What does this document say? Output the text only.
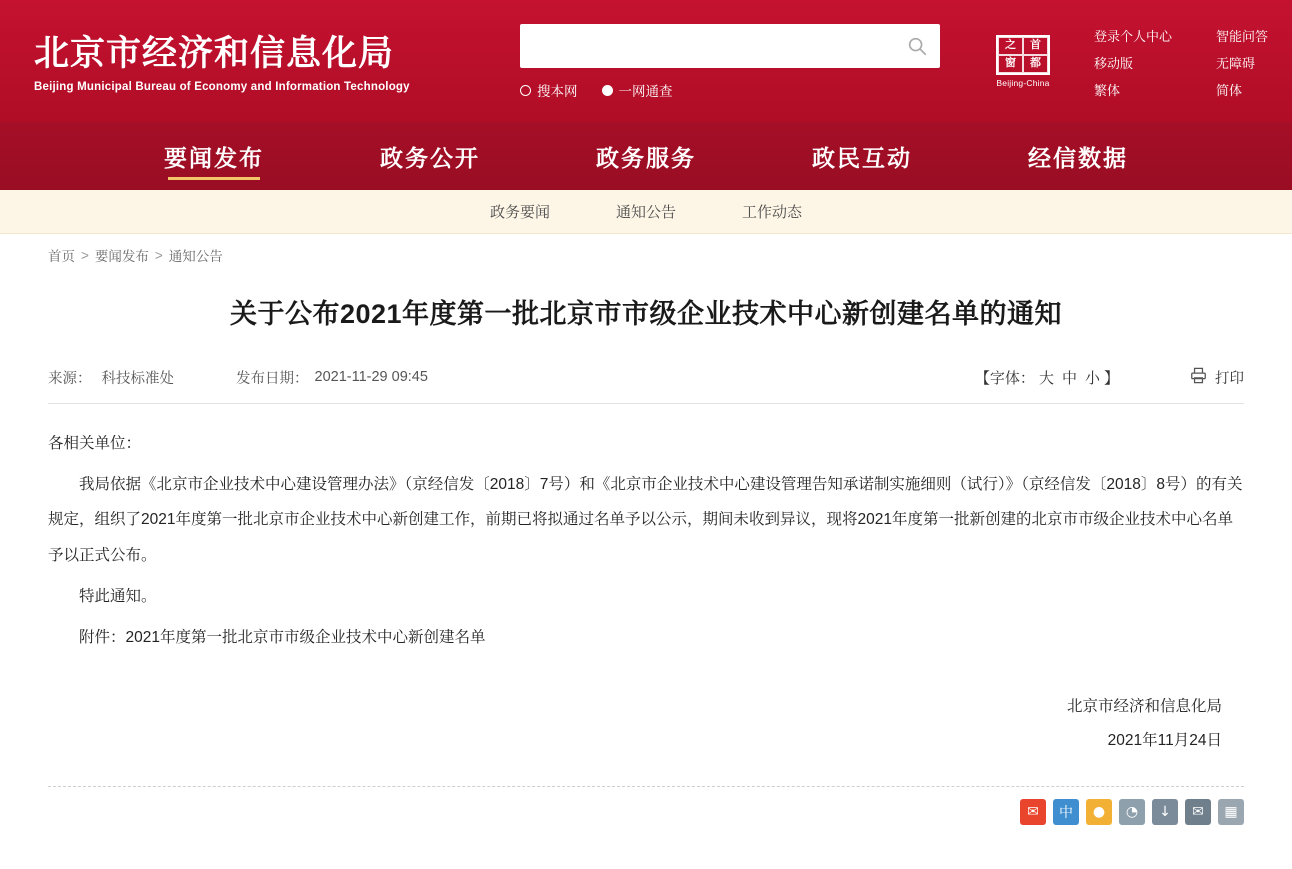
北京市经济和信息化局
Beijing Municipal Bureau of Economy and Information Technology	搜本网	一网通查
之	首
窗	都
Beijing-China
登录个人中心
移动版
繁体
智能问答
无障碍
简体
要闻发布	政务公开	政务服务	政民互动	经信数据
政务要闻	通知公告	工作动态
首页 > 要闻发布 > 通知公告
关于公布2021年度第一批北京市市级企业技术中心新创建名单的通知
来源： 科技标准处	发布日期： 2021-11-29 09:45	【字体： 大 中 小 】	打印

各相关单位：

我局依据《北京市企业技术中心建设管理办法》（京经信发〔2018〕7号）和《北京市企业技术中心建设管理告知承诺制实施细则（试行）》（京经信发〔2018〕8号）的有关规定，组织了2021年度第一批北京市企业技术中心新创建工作，前期已将拟通过名单予以公示，期间未收到异议，现将2021年度第一批新创建的北京市市级企业技术中心名单予以正式公布。

特此通知。

附件：2021年度第一批北京市市级企业技术中心新创建名单

北京市经济和信息化局
2021年11月24日
✉	中	●	◔	↓	✉	▦
